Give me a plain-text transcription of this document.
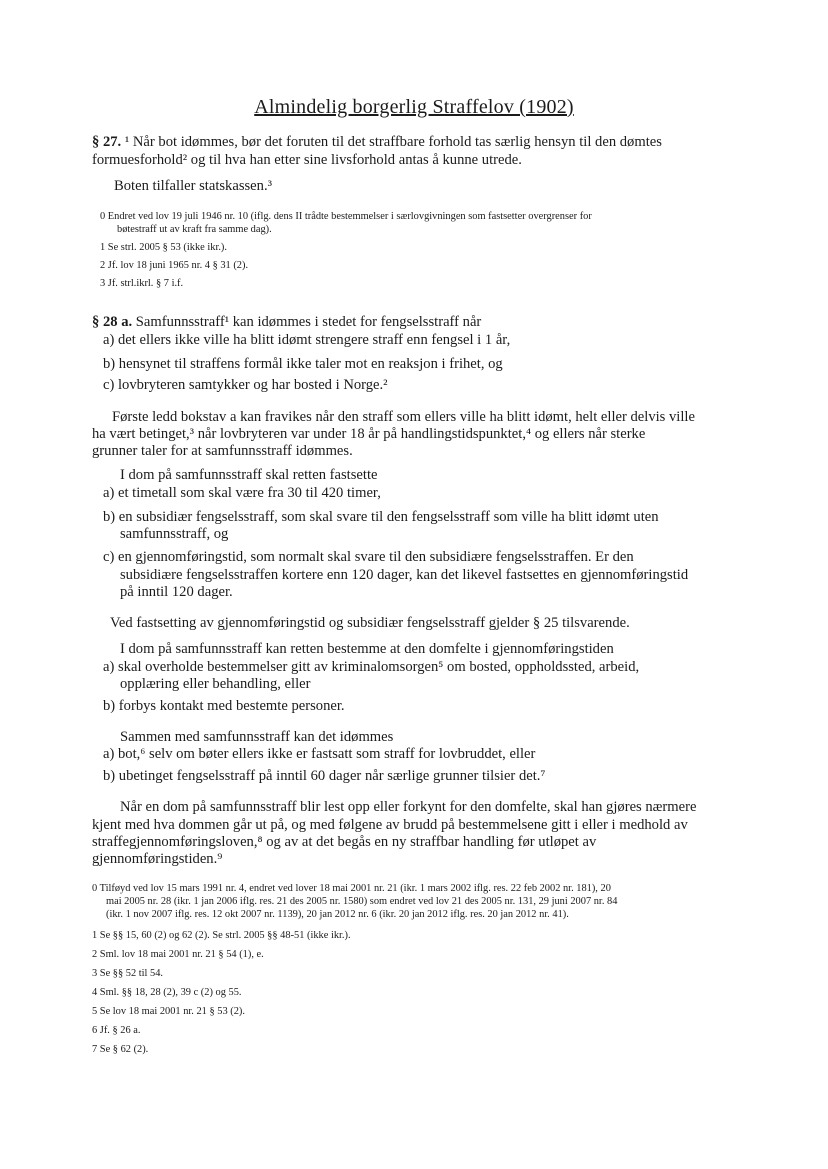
Almindelig borgerlig Straffelov (1902)
§ 27. ¹ Når bot idømmes, bør det foruten til det straffbare forhold tas særlig hensyn til den dømtes
formuesforhold² og til hva han etter sine livsforhold antas å kunne utrede.
Boten tilfaller statskassen.³
0 Endret ved lov 19 juli 1946 nr. 10 (iflg. dens II trådte bestemmelser i særlovgivningen som fastsetter overgrenser for
bøtestraff ut av kraft fra samme dag).
1 Se strl. 2005 § 53 (ikke ikr.).
2 Jf. lov 18 juni 1965 nr. 4 § 31 (2).
3 Jf. strl.ikrl. § 7 i.f.
§ 28 a. Samfunnsstraff¹ kan idømmes i stedet for fengselsstraff når
a) det ellers ikke ville ha blitt idømt strengere straff enn fengsel i 1 år,
b) hensynet til straffens formål ikke taler mot en reaksjon i frihet, og
c) lovbryteren samtykker og har bosted i Norge.²
Første ledd bokstav a kan fravikes når den straff som ellers ville ha blitt idømt, helt eller delvis ville
ha vært betinget,³ når lovbryteren var under 18 år på handlingstidspunktet,⁴ og ellers når sterke
grunner taler for at samfunnsstraff idømmes.
I dom på samfunnsstraff skal retten fastsette
a) et timetall som skal være fra 30 til 420 timer,
b) en subsidiær fengselsstraff, som skal svare til den fengselsstraff som ville ha blitt idømt uten
samfunnsstraff, og
c) en gjennomføringstid, som normalt skal svare til den subsidiære fengselsstraffen. Er den
subsidiære fengselsstraffen kortere enn 120 dager, kan det likevel fastsettes en gjennomføringstid
på inntil 120 dager.
Ved fastsetting av gjennomføringstid og subsidiær fengselsstraff gjelder § 25 tilsvarende.
I dom på samfunnsstraff kan retten bestemme at den domfelte i gjennomføringstiden
a) skal overholde bestemmelser gitt av kriminalomsorgen⁵ om bosted, oppholdssted, arbeid,
opplæring eller behandling, eller
b) forbys kontakt med bestemte personer.
Sammen med samfunnsstraff kan det idømmes
a) bot,⁶ selv om bøter ellers ikke er fastsatt som straff for lovbruddet, eller
b) ubetinget fengselsstraff på inntil 60 dager når særlige grunner tilsier det.⁷
Når en dom på samfunnsstraff blir lest opp eller forkynt for den domfelte, skal han gjøres nærmere
kjent med hva dommen går ut på, og med følgene av brudd på bestemmelsene gitt i eller i medhold av
straffegjennomføringsloven,⁸ og av at det begås en ny straffbar handling før utløpet av
gjennomføringstiden.⁹
0 Tilføyd ved lov 15 mars 1991 nr. 4, endret ved lover 18 mai 2001 nr. 21 (ikr. 1 mars 2002 iflg. res. 22 feb 2002 nr. 181), 20
mai 2005 nr. 28 (ikr. 1 jan 2006 iflg. res. 21 des 2005 nr. 1580) som endret ved lov 21 des 2005 nr. 131, 29 juni 2007 nr. 84
(ikr. 1 nov 2007 iflg. res. 12 okt 2007 nr. 1139), 20 jan 2012 nr. 6 (ikr. 20 jan 2012 iflg. res. 20 jan 2012 nr. 41).
1 Se §§ 15, 60 (2) og 62 (2). Se strl. 2005 §§ 48-51 (ikke ikr.).
2 Sml. lov 18 mai 2001 nr. 21 § 54 (1), e.
3 Se §§ 52 til 54.
4 Sml. §§ 18, 28 (2), 39 c (2) og 55.
5 Se lov 18 mai 2001 nr. 21 § 53 (2).
6 Jf. § 26 a.
7 Se § 62 (2).
